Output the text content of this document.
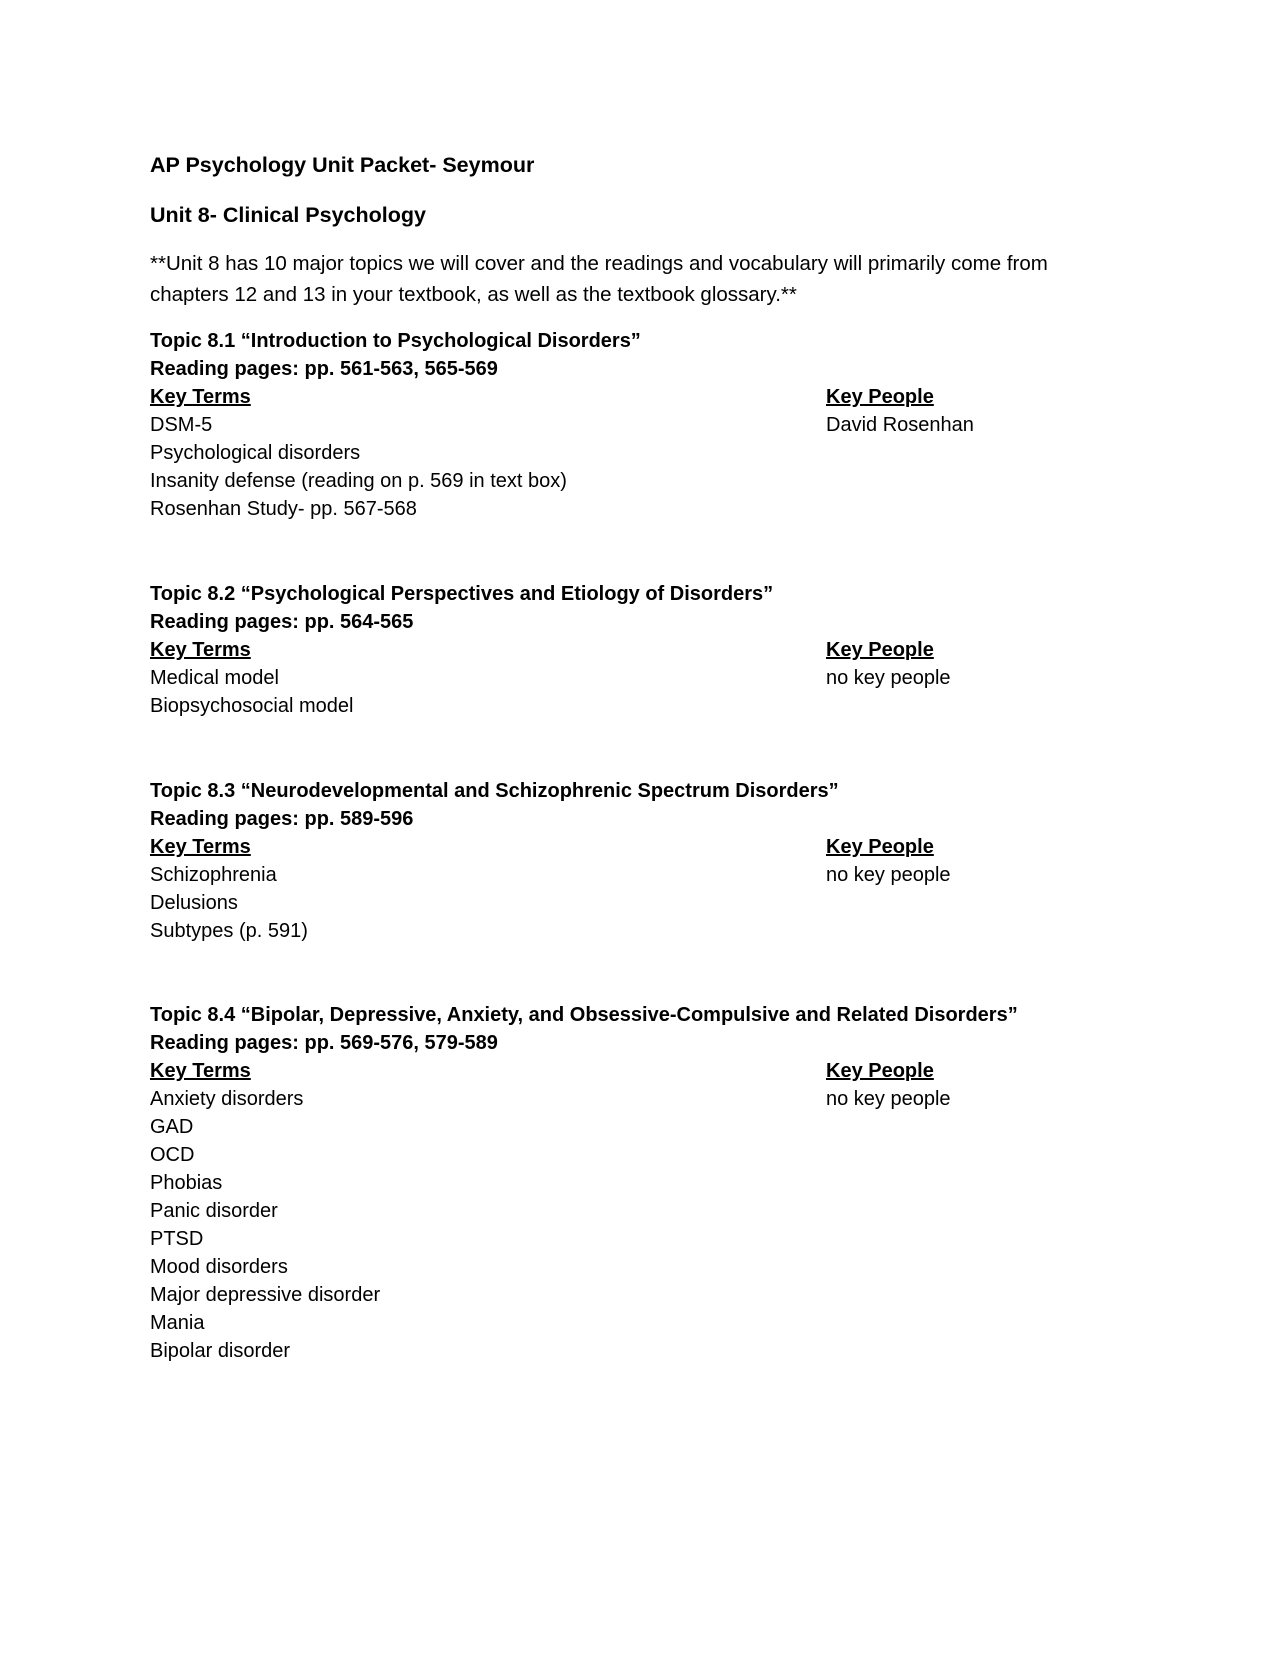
AP Psychology Unit Packet- Seymour
Unit 8- Clinical Psychology
**Unit 8 has 10 major topics we will cover and the readings and vocabulary will primarily come from chapters 12 and 13 in your textbook, as well as the textbook glossary.**
Topic 8.1 “Introduction to Psychological Disorders”
Reading pages: pp. 561-563, 565-569
Key Terms
DSM-5
Psychological disorders
Insanity defense (reading on p. 569 in text box)
Rosenhan Study- pp. 567-568
Key People
David Rosenhan
Topic 8.2 “Psychological Perspectives and Etiology of Disorders”
Reading pages: pp. 564-565
Key Terms
Medical model
Biopsychosocial model
Key People
no key people
Topic 8.3 “Neurodevelopmental and Schizophrenic Spectrum Disorders”
Reading pages: pp. 589-596
Key Terms
Schizophrenia
Delusions
Subtypes (p. 591)
Key People
no key people
Topic 8.4 “Bipolar, Depressive, Anxiety, and Obsessive-Compulsive and Related Disorders”
Reading pages: pp. 569-576, 579-589
Key Terms
Anxiety disorders
GAD
OCD
Phobias
Panic disorder
PTSD
Mood disorders
Major depressive disorder
Mania
Bipolar disorder
Key People
no key people
